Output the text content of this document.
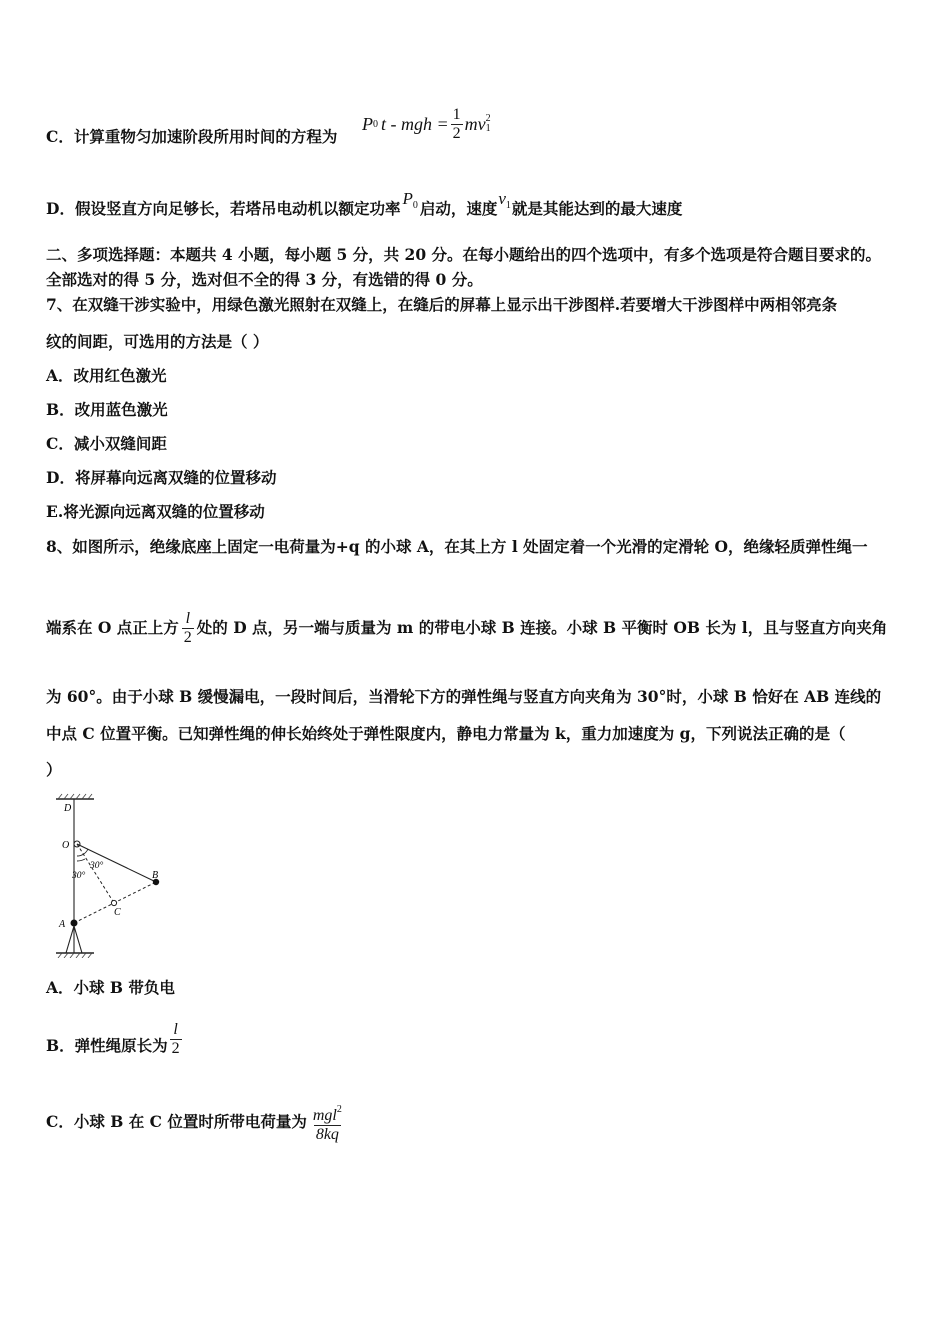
C．计算重物匀加速阶段所用时间的方程为
P 0 t - mgh = $\frac{1}{2}$ mv 2
1
D．假设竖直方向足够长，若塔吊电动机以额定功率$P_0$ 启动，速度$v_1$就是其能达到的最大速度
二、多项选择题：本题共 4 小题，每小题 5 分，共 20 分。在每小题给出的四个选项中，有多个选项是符合题目要求的。
全部选对的得 5 分，选对但不全的得 3 分，有选错的得 0 分。
7、在双缝干涉实验中，用绿色激光照射在双缝上，在缝后的屏幕上显示出干涉图样.若要增大干涉图样中两相邻亮条
纹的间距，可选用的方法是（ ）
A．改用红色激光
B．改用蓝色激光
C．减小双缝间距
D．将屏幕向远离双缝的位置移动
E.将光源向远离双缝的位置移动
8、如图所示，绝缘底座上固定一电荷量为+q 的小球 A，在其上方 l 处固定着一个光滑的定滑轮 O，绝缘轻质弹性绳一
端系在 O 点正上方 $\frac{l}{2}$ 处的 D 点，另一端与质量为 m 的带电小球 B 连接。小球 B 平衡时 OB 长为 l，且与竖直方向夹角
为 60°。由于小球 B 缓慢漏电，一段时间后，当滑轮下方的弹性绳与竖直方向夹角为 30°时，小球 B 恰好在 AB 连线的
中点 C 位置平衡。已知弹性绳的伸长始终处于弹性限度内，静电力常量为 k，重力加速度为 g，下列说法正确的是（
）
D
O
30°
30°	B
C
A
A．小球 B 带负电
B．弹性绳原长为 $\frac{l}{2}$
C．小球 B 在 C 位置时所带电荷量为 $\frac{mgl^2}{8kq}$
